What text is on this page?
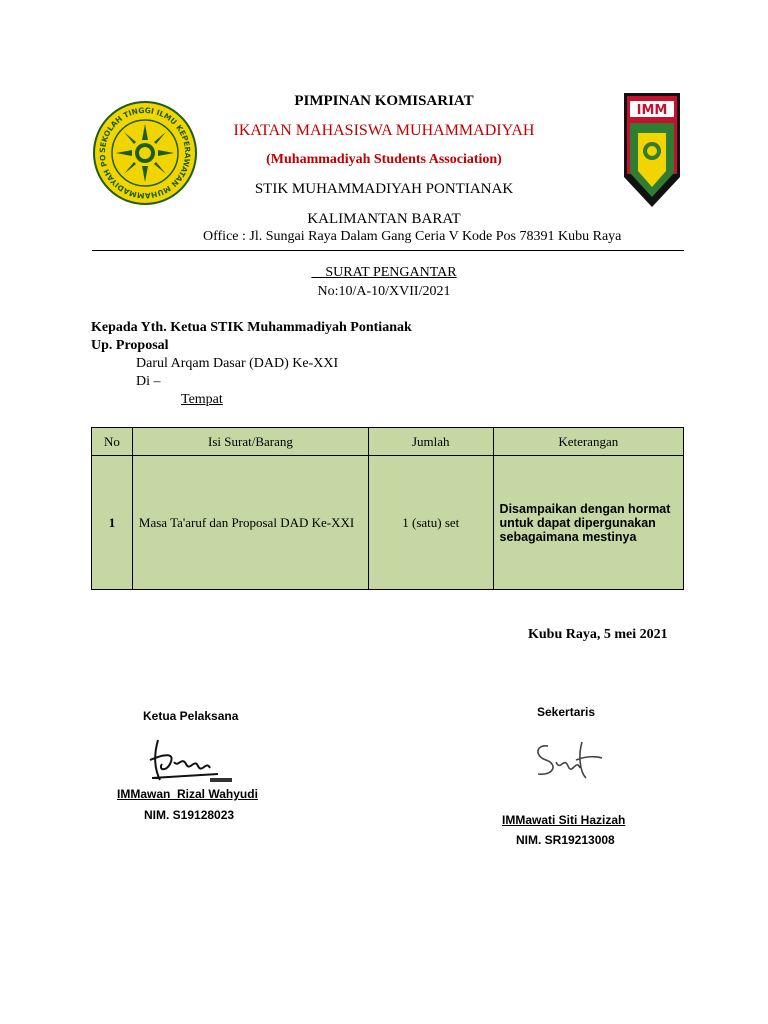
SEKOLAH TINGGI ILMU KEPERAWATAN MUHAMMADIYAH PO
IMM
PIMPINAN KOMISARIAT
IKATAN MAHASISWA MUHAMMADIYAH
(Muhammadiyah Students Association)
STIK MUHAMMADIYAH PONTIANAK
KALIMANTAN BARAT
Office : Jl. Sungai Raya Dalam Gang Ceria V Kode Pos 78391 Kubu Raya
SURAT PENGANTAR
No:10/A-10/XVII/2021
Kepada Yth. Ketua STIK Muhammadiyah Pontianak
Up. Proposal
Darul Arqam Dasar (DAD) Ke-XXI
Di –
Tempat
No	Isi Surat/Barang	Jumlah	Keterangan
1	Masa Ta'aruf dan Proposal DAD Ke-XXI	1 (satu) set	Disampaikan dengan hormat untuk dapat dipergunakan sebagaimana mestinya
Kubu Raya, 5 mei 2021
Ketua Pelaksana
IMMawan  Rizal Wahyudi
NIM. S19128023
Sekertaris
IMMawati Siti Hazizah
NIM. SR19213008
